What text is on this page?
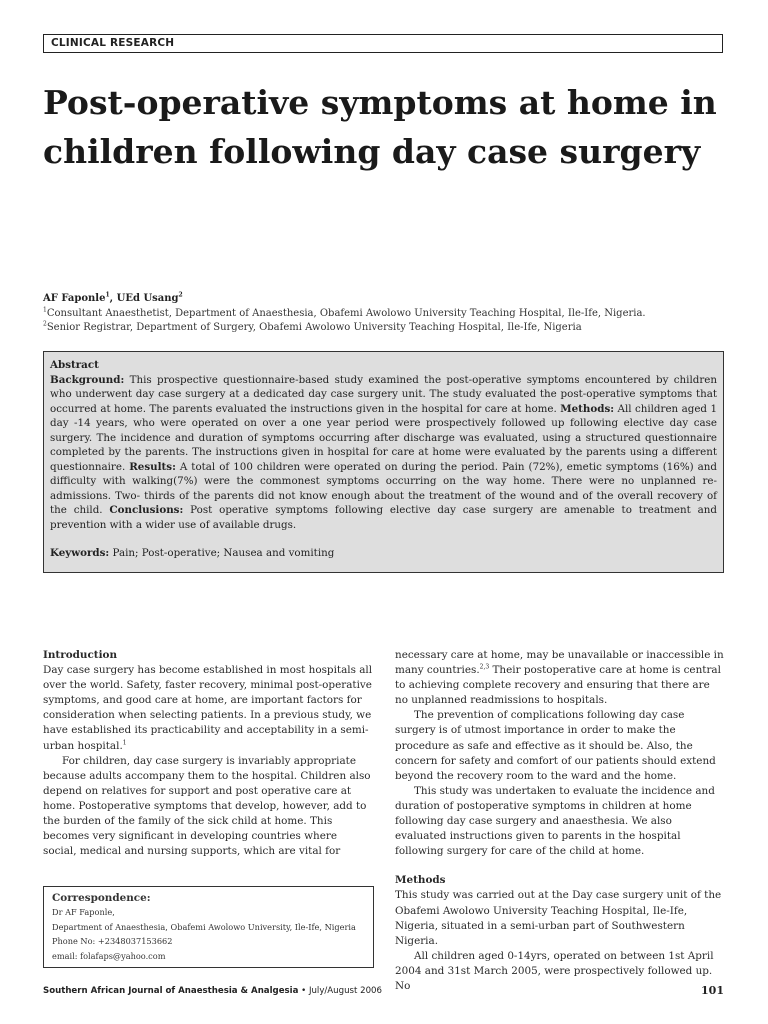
CLINICAL RESEARCH
Post-operative symptoms at home in children following day case surgery

AF Faponle$^1$, UEd Usang$^2$

$^1$Consultant Anaesthetist, Department of Anaesthesia, Obafemi Awolowo University Teaching Hospital, Ile-Ife, Nigeria.

$^2$Senior Registrar, Department of Surgery, Obafemi Awolowo University Teaching Hospital, Ile-Ife, Nigeria

Abstract

Background: This prospective questionnaire-based study examined the post-operative symptoms encountered by children who underwent day case surgery at a dedicated day case surgery unit. The study evaluated the post-operative symptoms that occurred at home. The parents evaluated the instructions given in the hospital for care at home. Methods: All children aged 1 day -14 years, who were operated on over a one year period were prospectively followed up following elective day case surgery. The incidence and duration of symptoms occurring after discharge was evaluated, using a structured questionnaire completed by the parents. The instructions given in hospital for care at home were evaluated by the parents using a different questionnaire. Results: A total of 100 children were operated on during the period. Pain (72%), emetic symptoms (16%) and difficulty with walking(7%) were the commonest symptoms occurring on the way home. There were no unplanned re-admissions. Two- thirds of the parents did not know enough about the treatment of the wound and of the overall recovery of the child. Conclusions: Post operative symptoms following elective day case surgery are amenable to treatment and prevention with a wider use of available drugs.

Keywords: Pain; Post-operative; Nausea and vomiting

Introduction

Day case surgery has become established in most hospitals all over the world. Safety, faster recovery, minimal post-operative symptoms, and good care at home, are important factors for consideration when selecting patients. In a previous study, we have established its practicability and acceptability in a semi-urban hospital.$^1$

For children, day case surgery is invariably appropriate because adults accompany them to the hospital. Children also depend on relatives for support and post operative care at home. Postoperative symptoms that develop, however, add to the burden of the family of the sick child at home. This becomes very significant in developing countries where social, medical and nursing supports, which are vital for

necessary care at home, may be unavailable or inaccessible in many countries.$^{2,3}$ Their postoperative care at home is central to achieving complete recovery and ensuring that there are no unplanned readmissions to hospitals.

The prevention of complications following day case surgery is of utmost importance in order to make the procedure as safe and effective as it should be. Also, the concern for safety and comfort of our patients should extend beyond the recovery room to the ward and the home.

This study was undertaken to evaluate the incidence and duration of postoperative symptoms in children at home following day case surgery and anaesthesia. We also evaluated instructions given to parents in the hospital following surgery for care of the child at home.

Methods

This study was carried out at the Day case surgery unit of the Obafemi Awolowo University Teaching Hospital, Ile-Ife, Nigeria, situated in a semi-urban part of Southwestern Nigeria.

All children aged 0-14yrs, operated on between 1st April 2004 and 31st March 2005, were prospectively followed up. No

Correspondence:

Dr AF Faponle,

Department of Anaesthesia, Obafemi Awolowo University, Ile-Ife, Nigeria

Phone No: +2348037153662

email: folafaps@yahoo.com

Southern African Journal of Anaesthesia & Analgesia • July/August 2006	101
